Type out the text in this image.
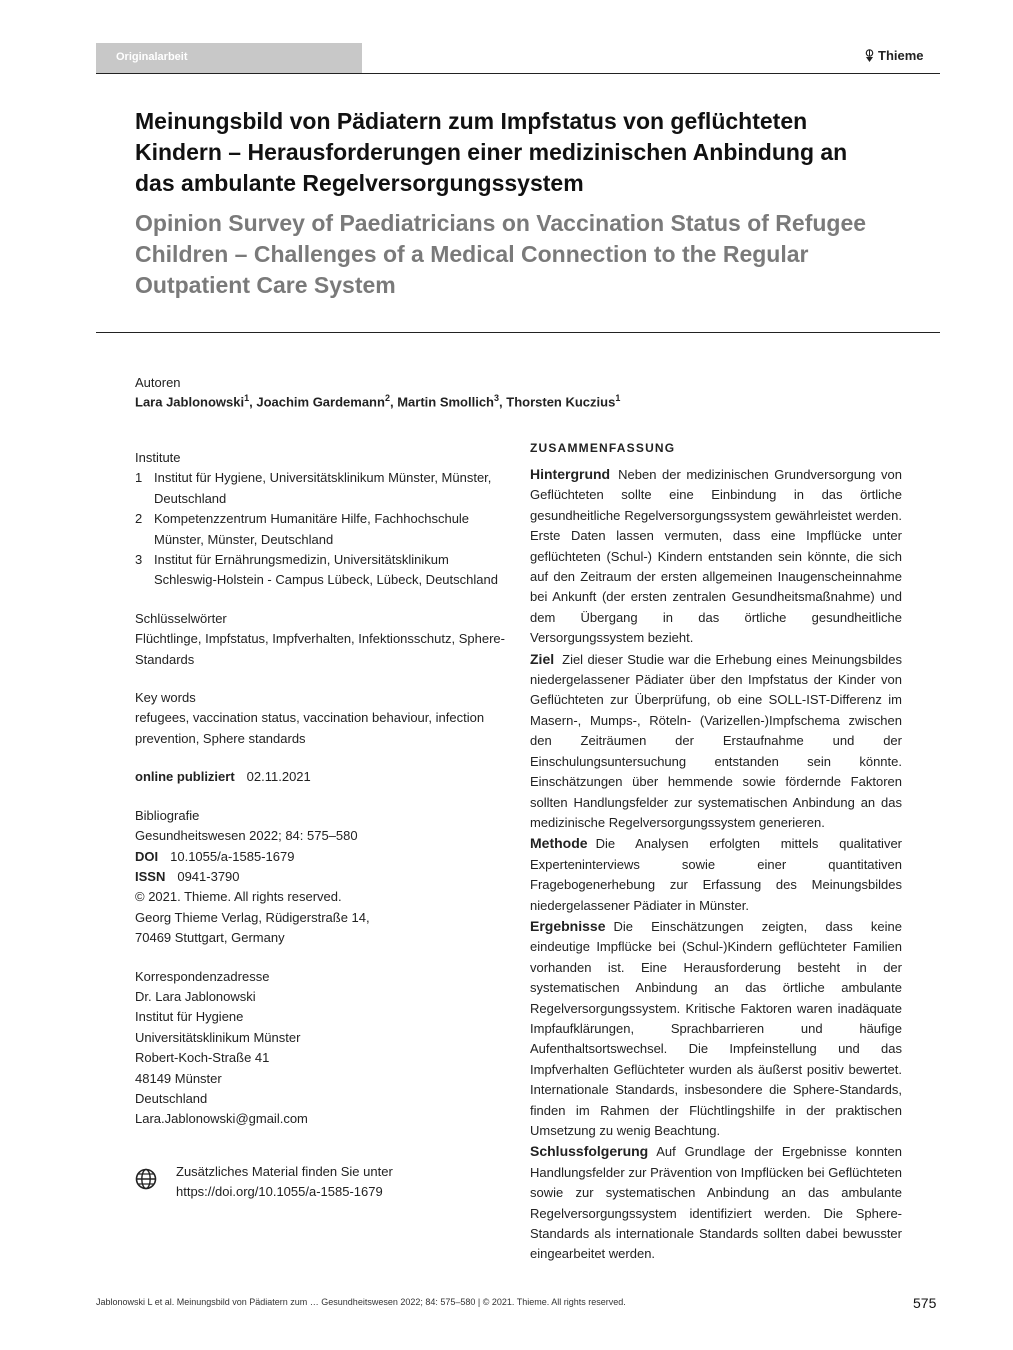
Originalarbeit	Thieme
Meinungsbild von Pädiatern zum Impfstatus von geflüchteten
Kindern – Herausforderungen einer medizinischen Anbindung an
das ambulante Regelversorgungssystem
Opinion Survey of Paediatricians on Vaccination Status of Refugee
Children – Challenges of a Medical Connection to the Regular
Outpatient Care System
Autoren
Lara Jablonowski$^1$, Joachim Gardemann$^2$, Martin Smollich$^3$, Thorsten Kuczius$^1$
Institute
1 Institut für Hygiene, Universitätsklinikum Münster, Münster, Deutschland
2 Kompetenzzentrum Humanitäre Hilfe, Fachhochschule Münster, Münster, Deutschland
3 Institut für Ernährungsmedizin, Universitätsklinikum Schleswig-Holstein - Campus Lübeck, Lübeck, Deutschland
Schlüsselwörter
Flüchtlinge, Impfstatus, Impfverhalten, Infektionsschutz, Sphere-Standards
Key words
refugees, vaccination status, vaccination behaviour, infection prevention, Sphere standards
online publiziert 02.11.2021
Bibliografie
Gesundheitswesen 2022; 84: 575–580
DOI 10.1055/a-1585-1679
ISSN 0941-3790
© 2021. Thieme. All rights reserved.
Georg Thieme Verlag, Rüdigerstraße 14,
70469 Stuttgart, Germany
Korrespondenzadresse
Dr. Lara Jablonowski
Institut für Hygiene
Universitätsklinikum Münster
Robert-Koch-Straße 41
48149 Münster
Deutschland
Lara.Jablonowski@gmail.com
Zusätzliches Material finden Sie unter https://doi.org/10.1055/a-1585-1679
ZUSAMMENFASSUNG
Hintergrund Neben der medizinischen Grundversorgung von Geflüchteten sollte eine Einbindung in das örtliche gesundheitliche Regelversorgungssystem gewährleistet werden. Erste Daten lassen vermuten, dass eine Impflücke unter geflüchteten (Schul-) Kindern entstanden sein könnte, die sich auf den Zeitraum der ersten allgemeinen Inaugenscheinnahme bei Ankunft (der ersten zentralen Gesundheitsmaßnahme) und dem Übergang in das örtliche gesundheitliche Versorgungssystem bezieht.
Ziel Ziel dieser Studie war die Erhebung eines Meinungsbildes niedergelassener Pädiater über den Impfstatus der Kinder von Geflüchteten zur Überprüfung, ob eine SOLL-IST-Differenz im Masern-, Mumps-, Röteln- (Varizellen-)Impfschema zwischen den Zeiträumen der Erstaufnahme und der Einschulungsuntersuchung entstanden sein könnte. Einschätzungen über hemmende sowie fördernde Faktoren sollten Handlungsfelder zur systematischen Anbindung an das medizinische Regelversorgungssystem generieren.
Methode Die Analysen erfolgten mittels qualitativer Experteninterviews sowie einer quantitativen Fragebogenerhebung zur Erfassung des Meinungsbildes niedergelassener Pädiater in Münster.
Ergebnisse Die Einschätzungen zeigten, dass keine eindeutige Impflücke bei (Schul-)Kindern geflüchteter Familien vorhanden ist. Eine Herausforderung besteht in der systematischen Anbindung an das örtliche ambulante Regelversorgungssystem. Kritische Faktoren waren inadäquate Impfaufklärungen, Sprachbarrieren und häufige Aufenthaltsortswechsel. Die Impfeinstellung und das Impfverhalten Geflüchteter wurden als äußerst positiv bewertet. Internationale Standards, insbesondere die Sphere-Standards, finden im Rahmen der Flüchtlingshilfe in der praktischen Umsetzung zu wenig Beachtung.
Schlussfolgerung Auf Grundlage der Ergebnisse konnten Handlungsfelder zur Prävention von Impflücken bei Geflüchteten sowie zur systematischen Anbindung an das ambulante Regelversorgungssystem identifiziert werden. Die Sphere-Standards als internationale Standards sollten dabei bewusster eingearbeitet werden.
Jablonowski L et al. Meinungsbild von Pädiatern zum … Gesundheitswesen 2022; 84: 575–580 | © 2021. Thieme. All rights reserved.	575
